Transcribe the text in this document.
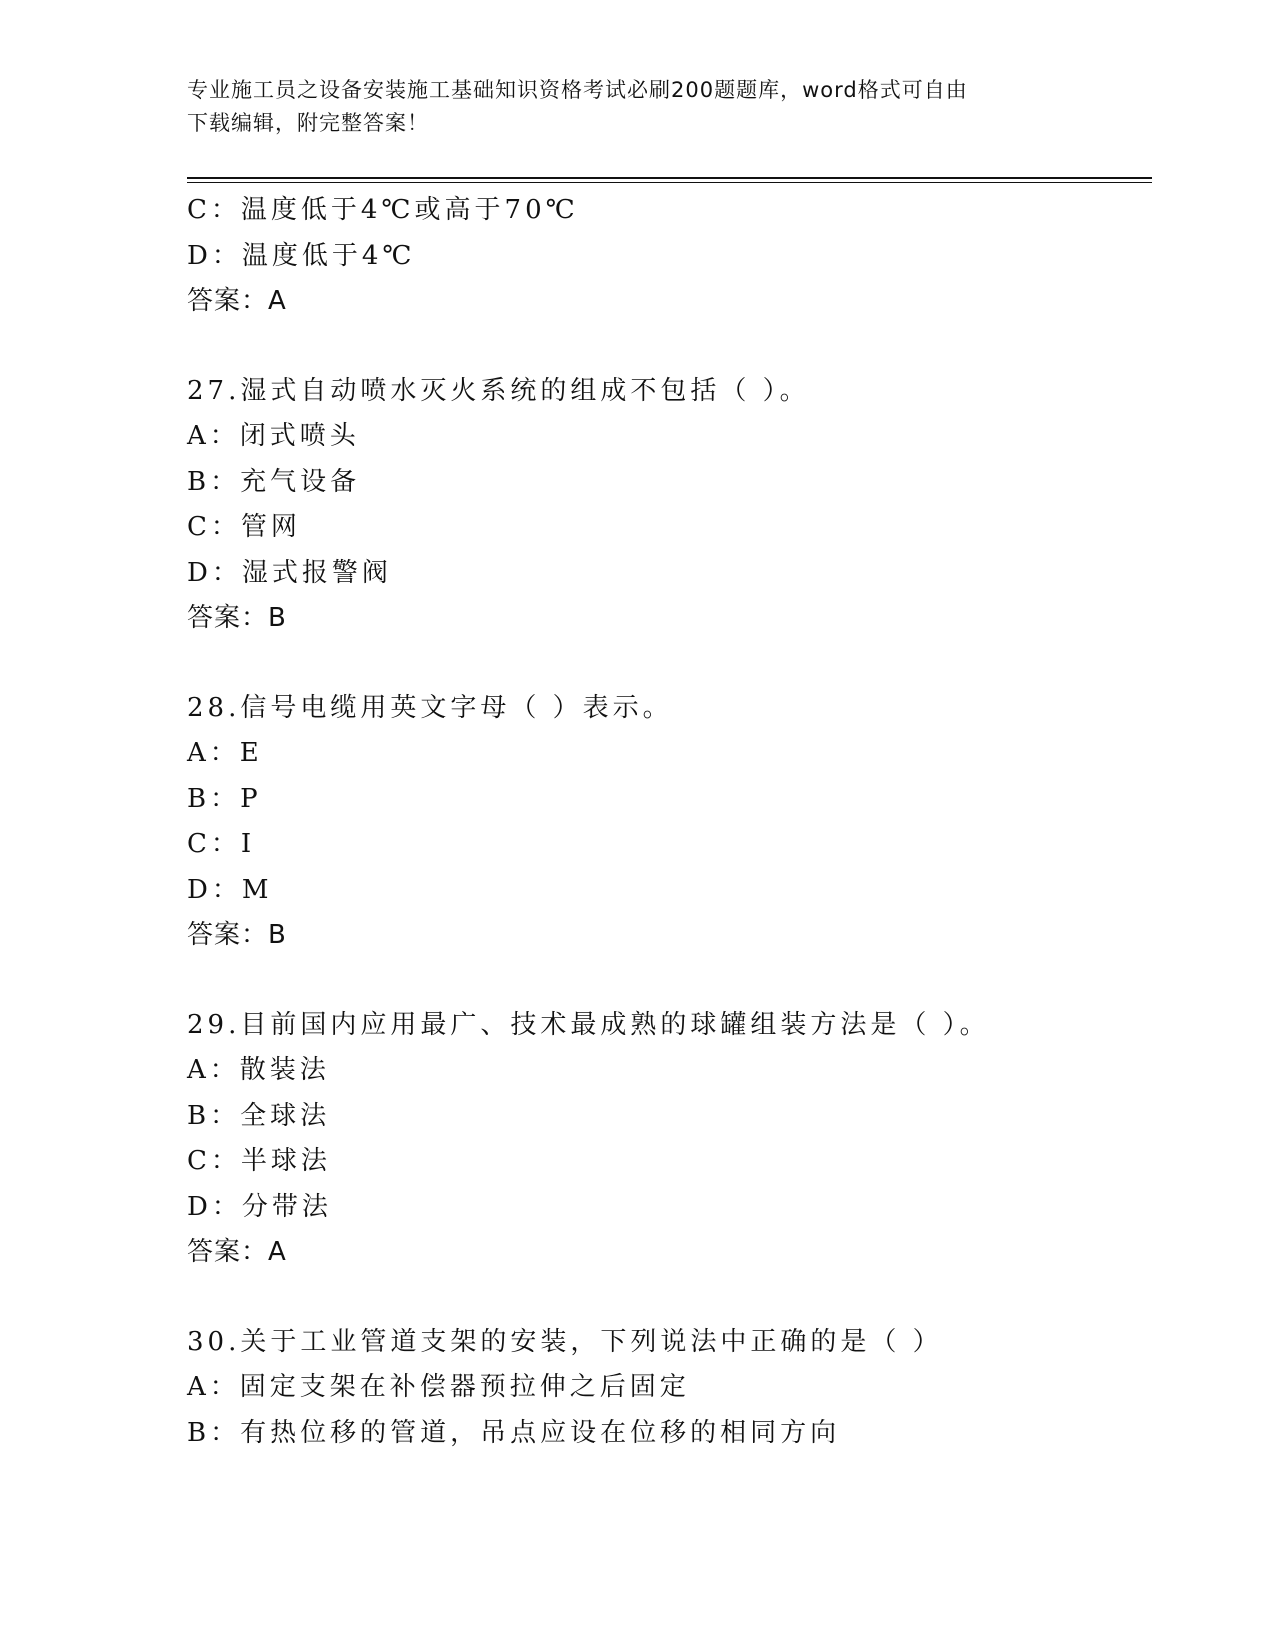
专业施工员之设备安装施工基础知识资格考试必刷200题题库，word格式可自由
下载编辑，附完整答案！
C：温度低于4℃或高于70℃
D：温度低于4℃
答案：A
27.湿式自动喷水灭火系统的组成不包括（ ）。
A：闭式喷头
B：充气设备
C：管网
D：湿式报警阀
答案：B
28.信号电缆用英文字母（ ）表示。
A：E
B：P
C：I
D：M
答案：B
29.目前国内应用最广、技术最成熟的球罐组装方法是（ ）。
A：散装法
B：全球法
C：半球法
D：分带法
答案：A
30.关于工业管道支架的安装，下列说法中正确的是（ ）
A：固定支架在补偿器预拉伸之后固定
B：有热位移的管道，吊点应设在位移的相同方向
